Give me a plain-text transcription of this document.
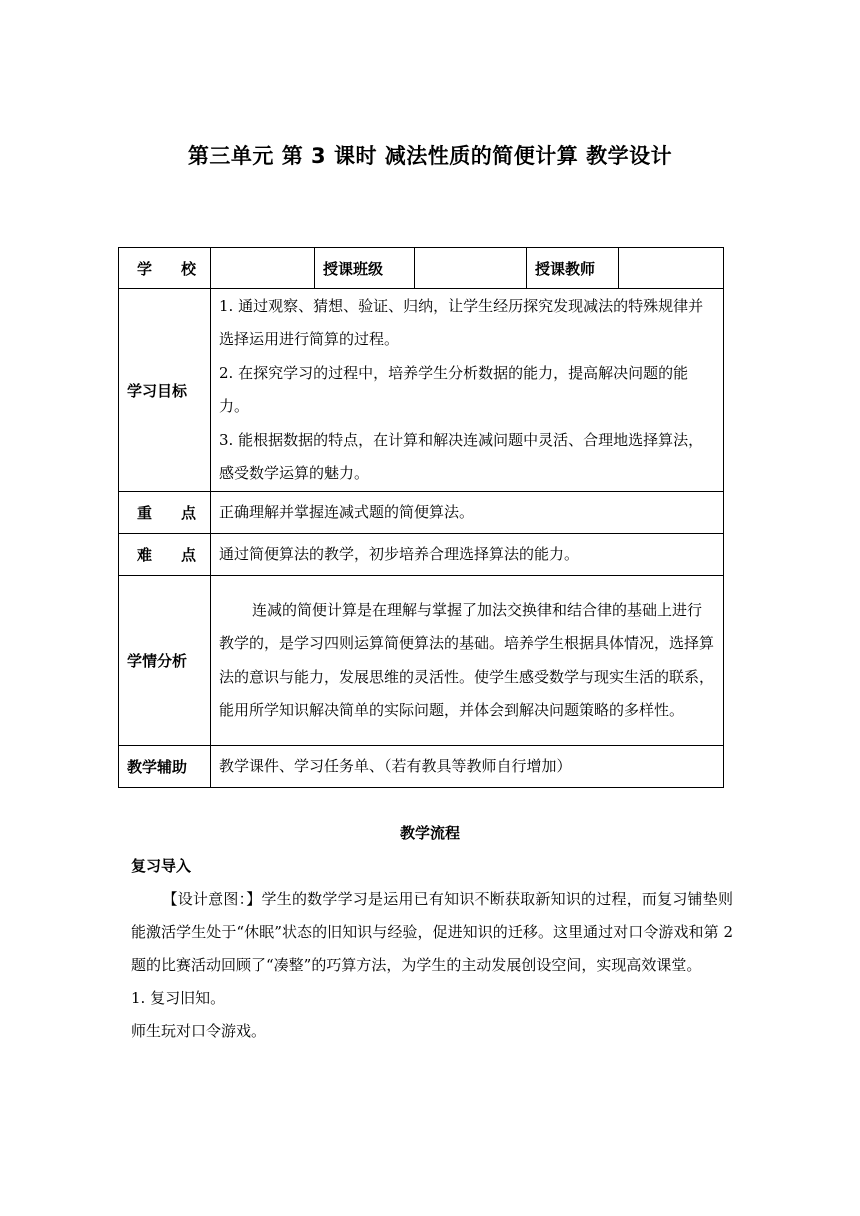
第三单元 第 3 课时 减法性质的简便计算 教学设计
学 校		授课班级		授课教师	
学习目标	1. 通过观察、猜想、验证、归纳，让学生经历探究发现减法的特殊规律并选择运用进行简算的过程。

2. 在探究学习的过程中，培养学生分析数据的能力，提高解决问题的能力。

3. 能根据数据的特点，在计算和解决连减问题中灵活、合理地选择算法，感受数学运算的魅力。				

重 点	正确理解并掌握连减式题的简便算法。				

难 点	通过简便算法的教学，初步培养合理选择算法的能力。				
学情分析	连减的简便计算是在理解与掌握了加法交换律和结合律的基础上进行教学的，是学习四则运算简便算法的基础。培养学生根据具体情况，选择算法的意识与能力，发展思维的灵活性。使学生感受数学与现实生活的联系，能用所学知识解决简单的实际问题，并体会到解决问题策略的多样性。				

教学辅助	教学课件、学习任务单、（若有教具等教师自行增加）				
教学流程

复习导入

【设计意图：】学生的数学学习是运用已有知识不断获取新知识的过程，而复习铺垫则能激活学生处于“休眠”状态的旧知识与经验，促进知识的迁移。这里通过对口令游戏和第 2 题的比赛活动回顾了“凑整”的巧算方法，为学生的主动发展创设空间，实现高效课堂。

1. 复习旧知。

师生玩对口令游戏。
